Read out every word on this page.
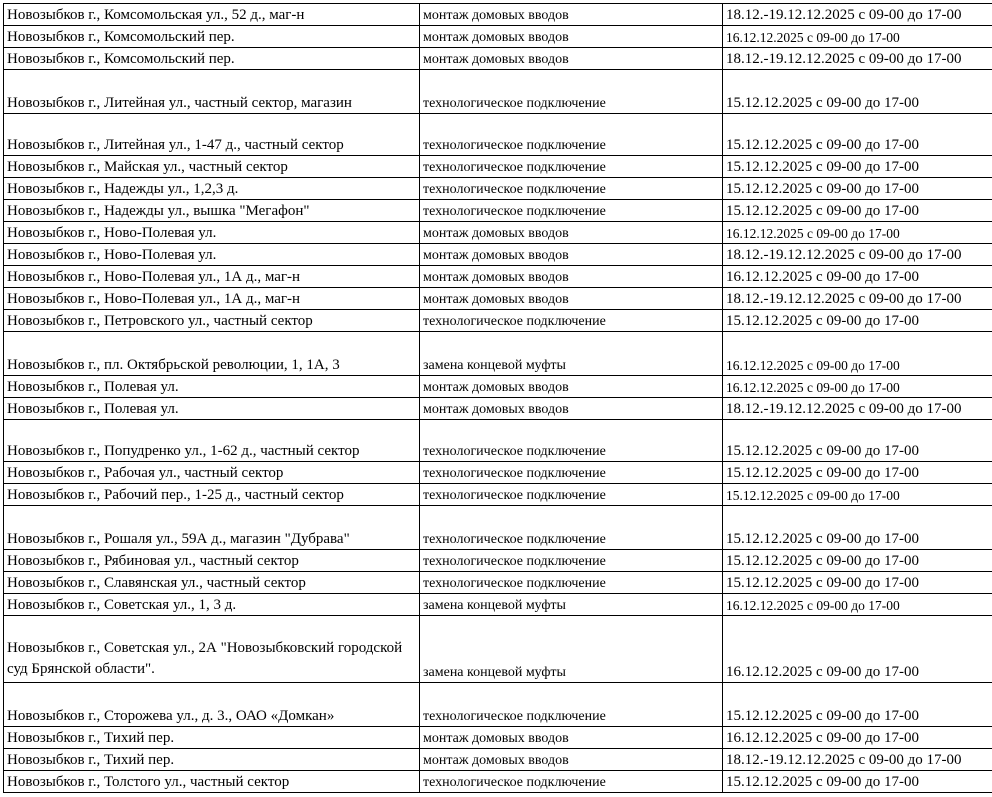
Новозыбков г., Комсомольская ул., 52 д., маг-н	монтаж домовых вводов	18.12.-19.12.12.2025 с 09-00 до 17-00
Новозыбков г., Комсомольский пер.	монтаж домовых вводов	16.12.12.2025 с 09-00 до 17-00
Новозыбков г., Комсомольский пер.	монтаж домовых вводов	18.12.-19.12.12.2025 с 09-00 до 17-00
Новозыбков г., Литейная ул., частный сектор, магазин	технологическое подключение	15.12.12.2025 с 09-00 до 17-00
Новозыбков г., Литейная ул., 1-47 д., частный сектор	технологическое подключение	15.12.12.2025 с 09-00 до 17-00
Новозыбков г., Майская ул., частный сектор	технологическое подключение	15.12.12.2025 с 09-00 до 17-00
Новозыбков г., Надежды ул., 1,2,3 д.	технологическое подключение	15.12.12.2025 с 09-00 до 17-00
Новозыбков г., Надежды ул., вышка "Мегафон"	технологическое подключение	15.12.12.2025 с 09-00 до 17-00
Новозыбков г., Ново-Полевая ул.	монтаж домовых вводов	16.12.12.2025 с 09-00 до 17-00
Новозыбков г., Ново-Полевая ул.	монтаж домовых вводов	18.12.-19.12.12.2025 с 09-00 до 17-00
Новозыбков г., Ново-Полевая ул., 1А д., маг-н	монтаж домовых вводов	16.12.12.2025 с 09-00 до 17-00
Новозыбков г., Ново-Полевая ул., 1А д., маг-н	монтаж домовых вводов	18.12.-19.12.12.2025 с 09-00 до 17-00
Новозыбков г., Петровского ул., частный сектор	технологическое подключение	15.12.12.2025 с 09-00 до 17-00
Новозыбков г., пл. Октябрьской революции, 1, 1А, 3	замена концевой муфты	16.12.12.2025 с 09-00 до 17-00
Новозыбков г., Полевая ул.	монтаж домовых вводов	16.12.12.2025 с 09-00 до 17-00
Новозыбков г., Полевая ул.	монтаж домовых вводов	18.12.-19.12.12.2025 с 09-00 до 17-00
Новозыбков г., Попудренко ул., 1-62 д., частный сектор	технологическое подключение	15.12.12.2025 с 09-00 до 17-00
Новозыбков г., Рабочая ул., частный сектор	технологическое подключение	15.12.12.2025 с 09-00 до 17-00
Новозыбков г., Рабочий пер., 1-25 д., частный сектор	технологическое подключение	15.12.12.2025 с 09-00 до 17-00
Новозыбков г., Рошаля ул., 59А д., магазин "Дубрава"	технологическое подключение	15.12.12.2025 с 09-00 до 17-00
Новозыбков г., Рябиновая ул., частный сектор	технологическое подключение	15.12.12.2025 с 09-00 до 17-00
Новозыбков г., Славянская ул., частный сектор	технологическое подключение	15.12.12.2025 с 09-00 до 17-00
Новозыбков г., Советская ул., 1, 3 д.	замена концевой муфты	16.12.12.2025 с 09-00 до 17-00
Новозыбков г., Советская ул., 2А "Новозыбковский городской суд Брянской области".	замена концевой муфты	16.12.12.2025 с 09-00 до 17-00
Новозыбков г., Сторожева ул., д. 3., ОАО «Домкан»	технологическое подключение	15.12.12.2025 с 09-00 до 17-00
Новозыбков г., Тихий пер.	монтаж домовых вводов	16.12.12.2025 с 09-00 до 17-00
Новозыбков г., Тихий пер.	монтаж домовых вводов	18.12.-19.12.12.2025 с 09-00 до 17-00
Новозыбков г., Толстого ул., частный сектор	технологическое подключение	15.12.12.2025 с 09-00 до 17-00
